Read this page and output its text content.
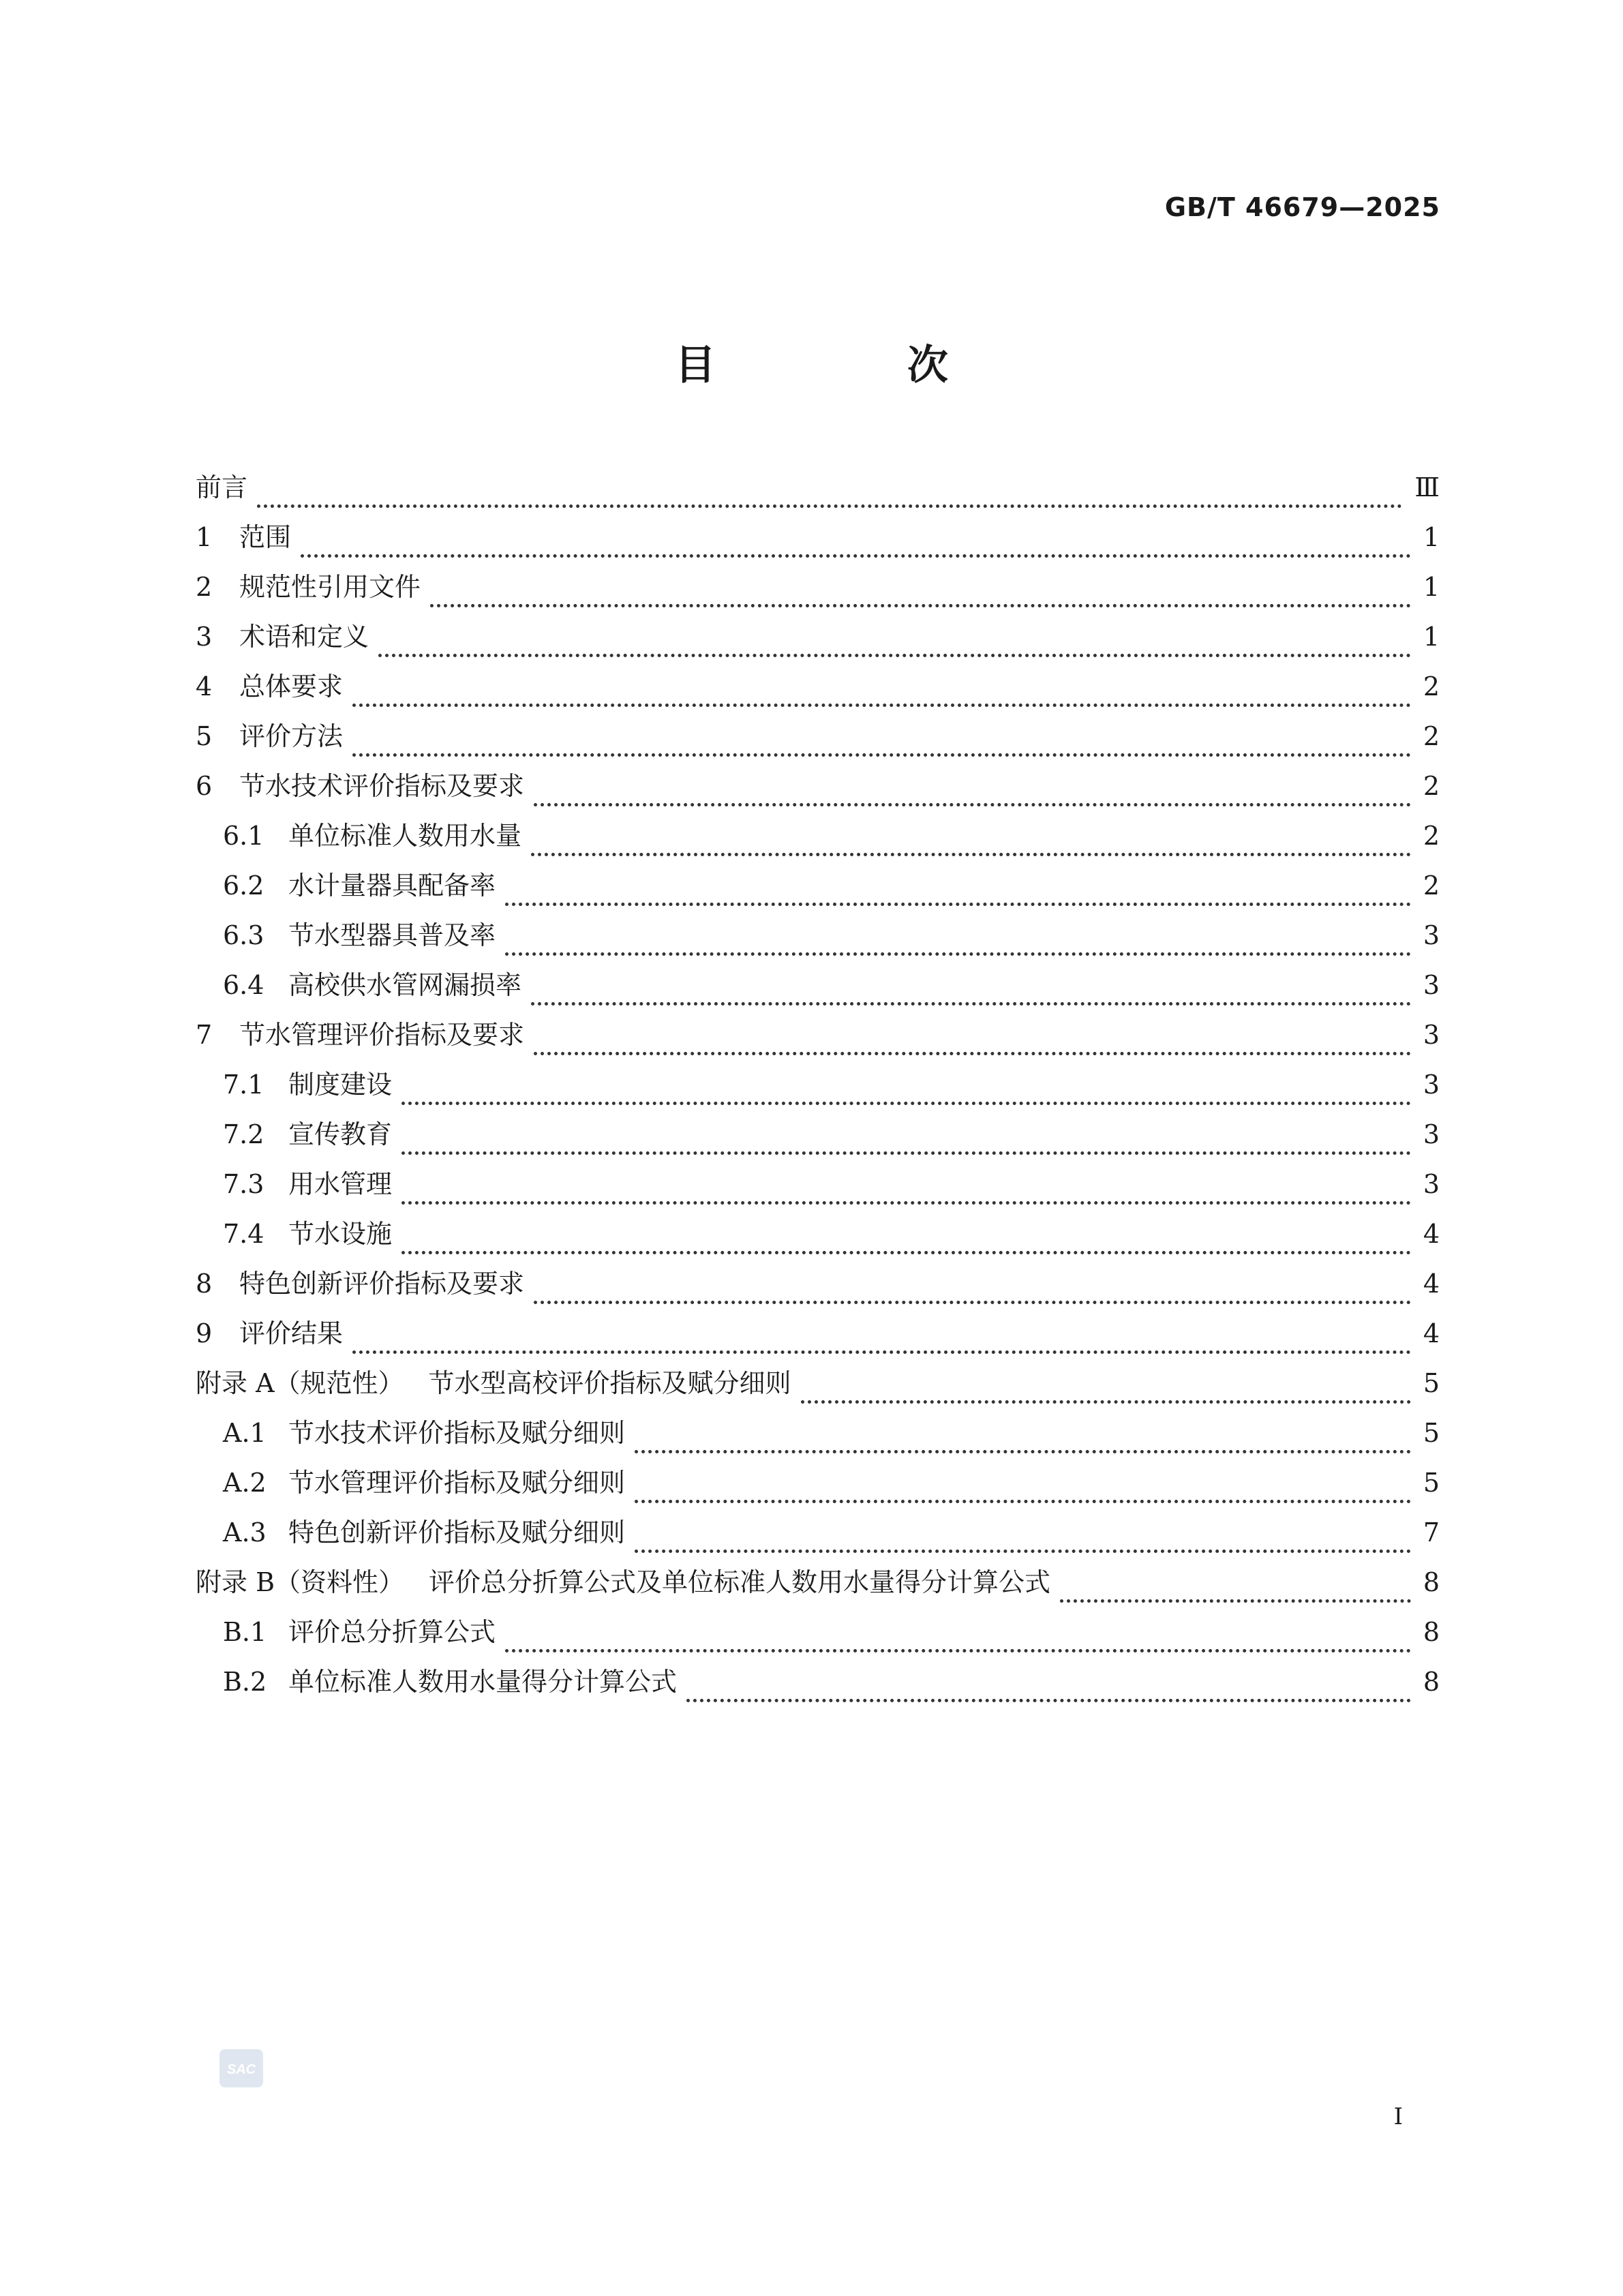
GB/T 46679—2025
目 次
前言	Ⅲ
1	范围	1
2	规范性引用文件	1
3	术语和定义	1
4	总体要求	2
5	评价方法	2
6	节水技术评价指标及要求	2
6.1 单位标准人数用水量	2
6.2 水计量器具配备率	2
6.3 节水型器具普及率	3
6.4 高校供水管网漏损率	3
7	节水管理评价指标及要求	3
7.1 制度建设	3
7.2 宣传教育	3
7.3 用水管理	3
7.4 节水设施	4
8	特色创新评价指标及要求	4
9	评价结果	4
附录 A（规范性） 节水型高校评价指标及赋分细则	5
A.1 节水技术评价指标及赋分细则	5
A.2 节水管理评价指标及赋分细则	5
A.3 特色创新评价指标及赋分细则	7
附录 B（资料性） 评价总分折算公式及单位标准人数用水量得分计算公式	8
B.1 评价总分折算公式	8
B.2 单位标准人数用水量得分计算公式	8
SAC
I
